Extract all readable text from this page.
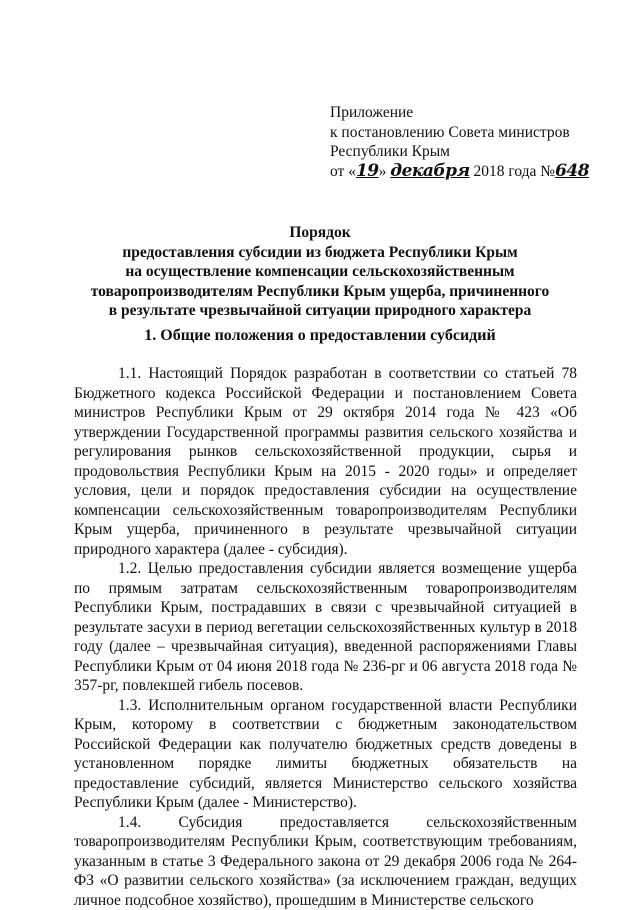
Приложение
к постановлению Совета министров
Республики Крым
от «19» декабря 2018 года №648
Порядок
предоставления субсидии из бюджета Республики Крым
на осуществление компенсации сельскохозяйственным
товаропроизводителям Республики Крым ущерба, причиненного
в результате чрезвычайной ситуации природного характера
1. Общие положения о предоставлении субсидий

1.1. Настоящий Порядок разработан в соответствии со статьей 78 Бюджетного кодекса Российской Федерации и постановлением Совета министров Республики Крым от 29 октября 2014 года № 423 «Об утверждении Государственной программы развития сельского хозяйства и регулирования рынков сельскохозяйственной продукции, сырья и продовольствия Республики Крым на 2015 - 2020 годы» и определяет условия, цели и порядок предоставления субсидии на осуществление компенсации сельскохозяйственным товаропроизводителям Республики Крым ущерба, причиненного в результате чрезвычайной ситуации природного характера (далее - субсидия).

1.2. Целью предоставления субсидии является возмещение ущерба по прямым затратам сельскохозяйственным товаропроизводителям Республики Крым, пострадавших в связи с чрезвычайной ситуацией в результате засухи в период вегетации сельскохозяйственных культур в 2018 году (далее – чрезвычайная ситуация), введенной распоряжениями Главы Республики Крым от 04 июня 2018 года № 236-рг и 06 августа 2018 года № 357-рг, повлекшей гибель посевов.

1.3. Исполнительным органом государственной власти Республики Крым, которому в соответствии с бюджетным законодательством Российской Федерации как получателю бюджетных средств доведены в установленном порядке лимиты бюджетных обязательств на предоставление субсидий, является Министерство сельского хозяйства Республики Крым (далее - Министерство).

1.4. Субсидия предоставляется сельскохозяйственным товаропроизводителям Республики Крым, соответствующим требованиям, указанным в статье 3 Федерального закона от 29 декабря 2006 года № 264-ФЗ «О развитии сельского хозяйства» (за исключением граждан, ведущих личное подсобное хозяйство), прошедшим в Министерстве сельского
